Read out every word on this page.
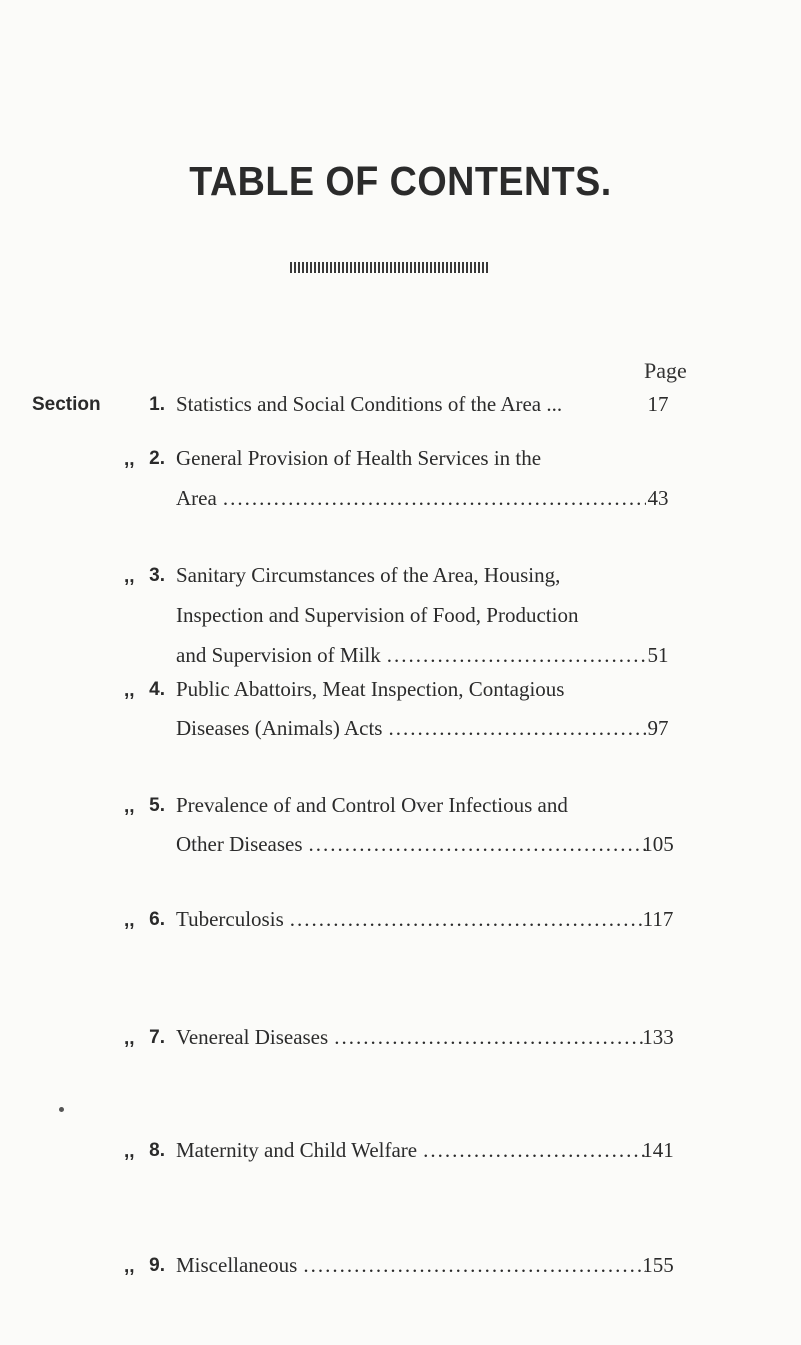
TABLE OF CONTENTS.
Page
Section	1. Statistics and Social Conditions of the Area ...	17
,, 2. General Provision of Health Services in the
Area .....	43
,, 3. Sanitary Circumstances of the Area, Housing,
Inspection and Supervision of Food, Production
and Supervision of Milk .....	51
,, 4. Public Abattoirs, Meat Inspection, Contagious
Diseases (Animals) Acts .....	97
,, 5. Prevalence of and Control Over Infectious and
Other Diseases .....	105
,, 6. Tuberculosis .....	117
,, 7. Venereal Diseases .....	133
,, 8. Maternity and Child Welfare .....	141
,, 9. Miscellaneous .....	155
